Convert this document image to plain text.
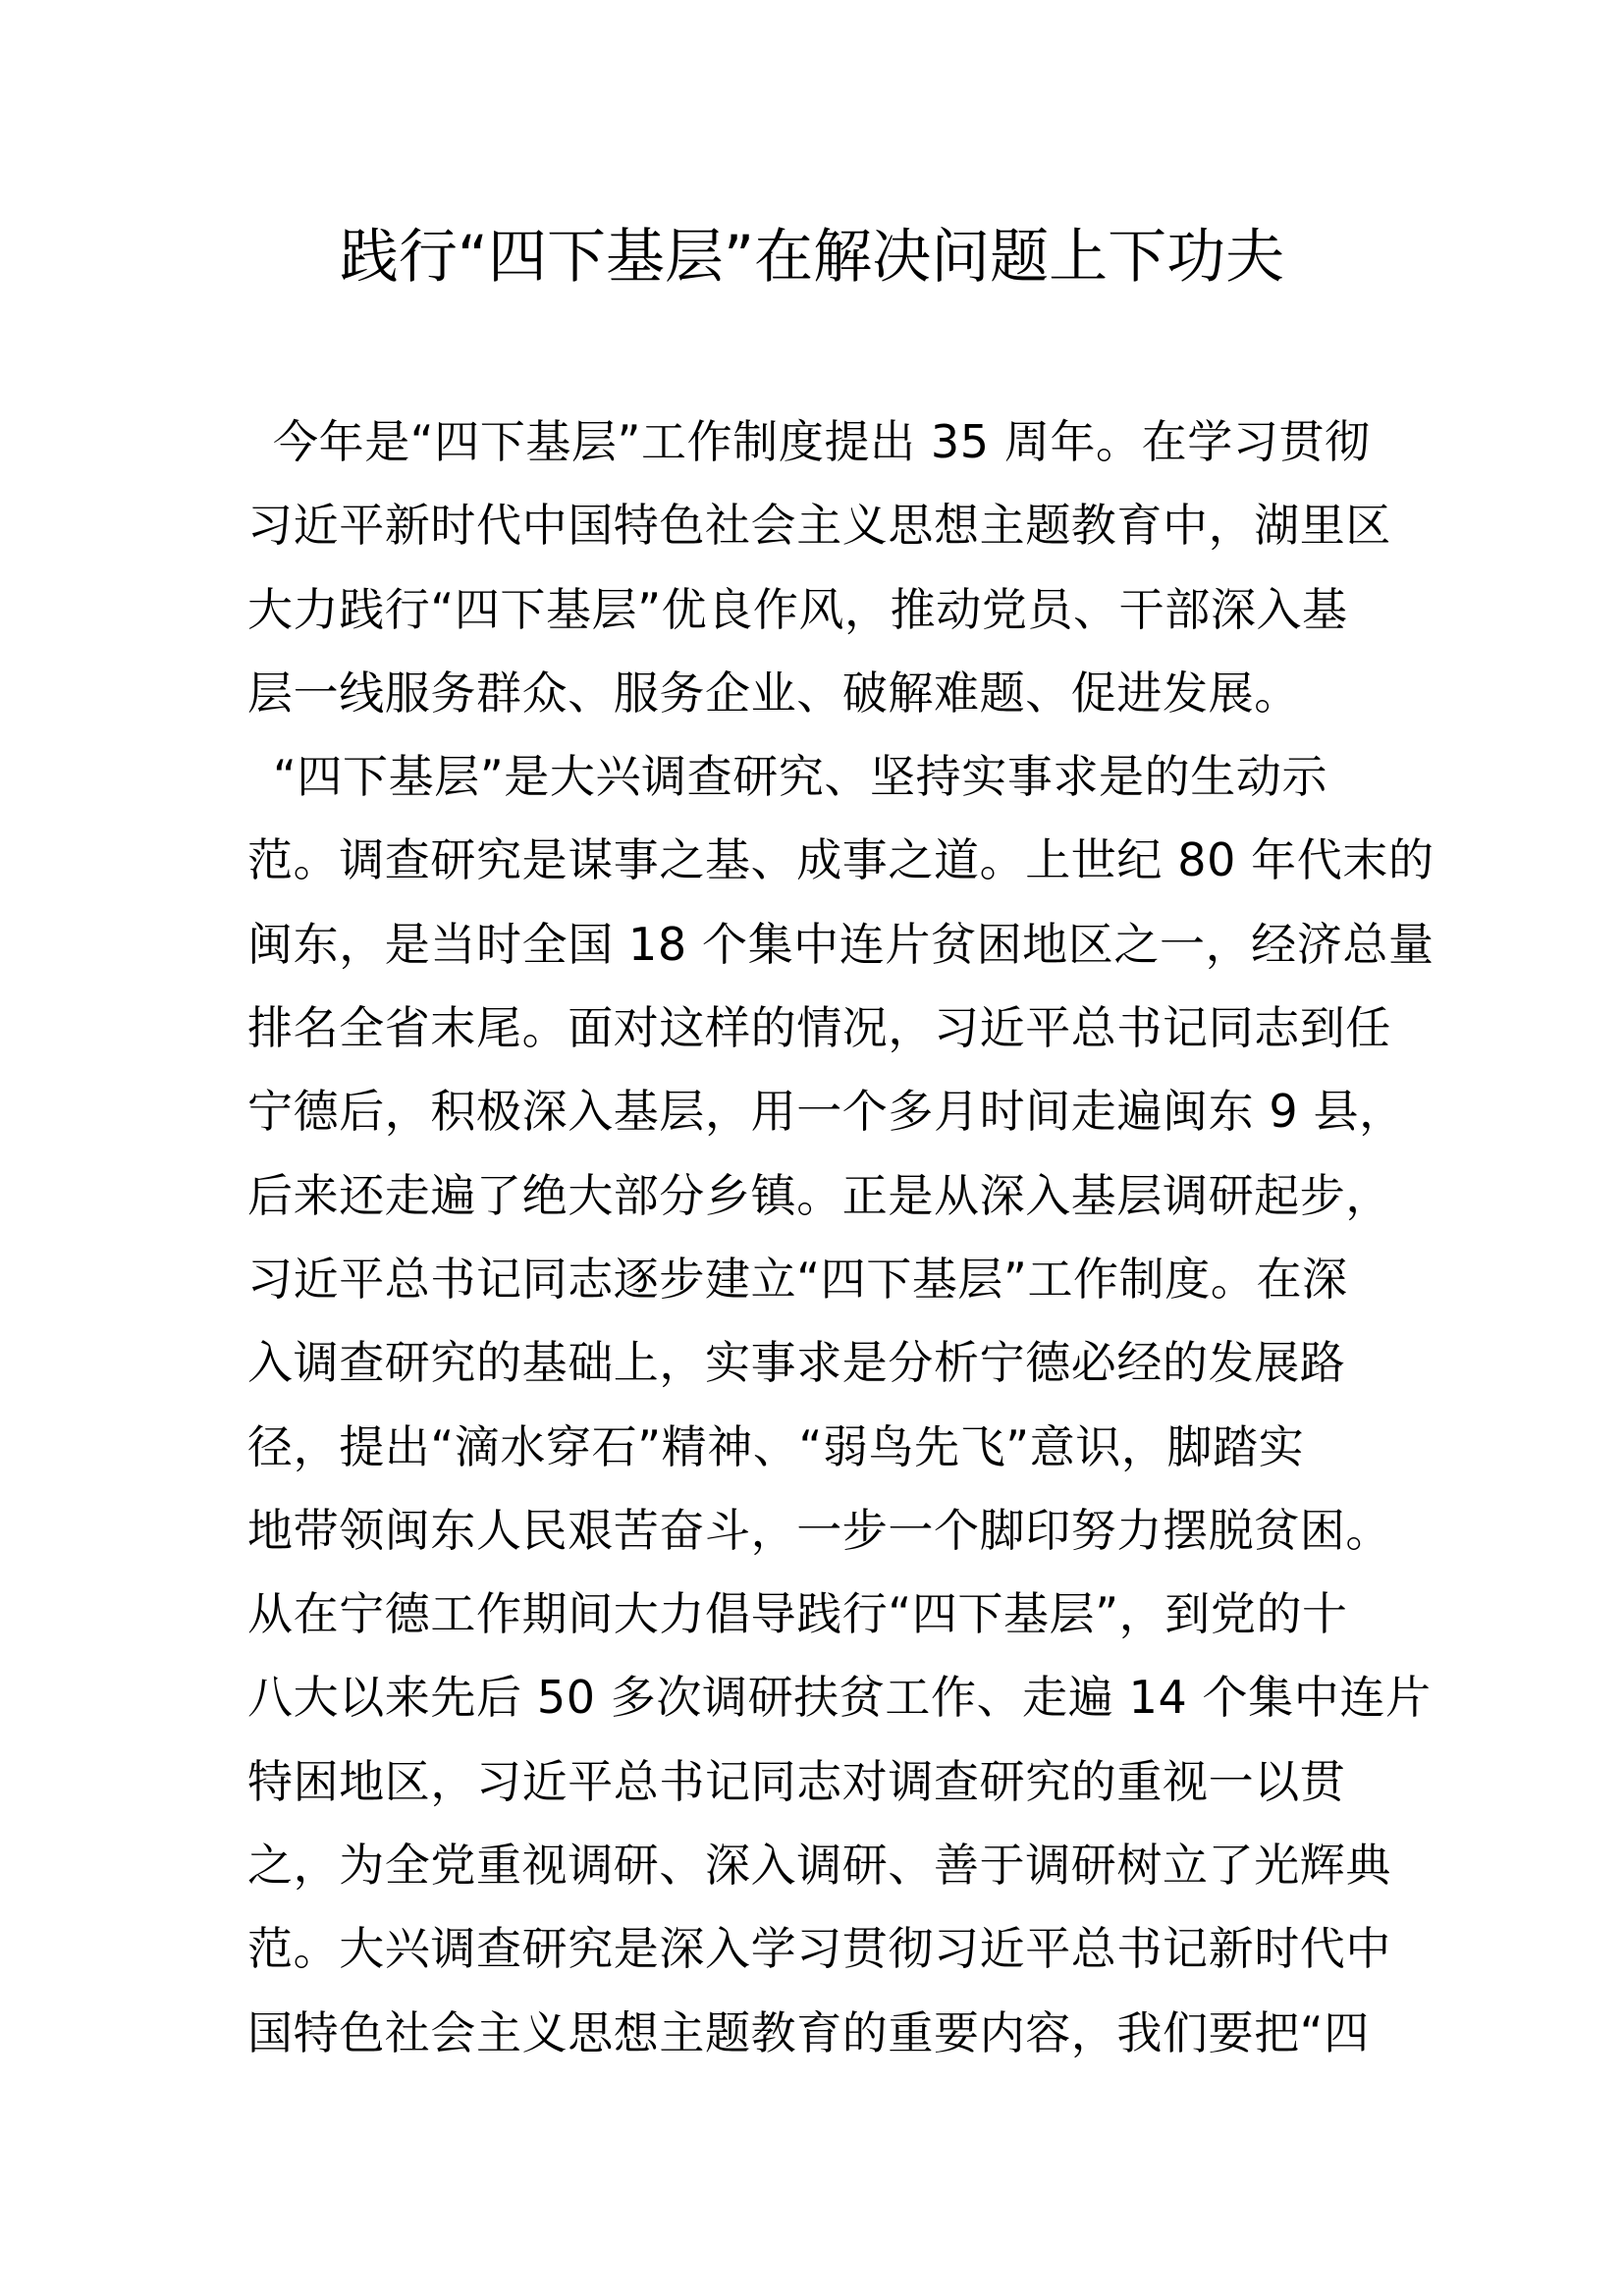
践行“四下基层”在解决问题上下功夫
今年是“四下基层”工作制度提出 35 周年。在学习贯彻
习近平新时代中国特色社会主义思想主题教育中，湖里区
大力践行“四下基层”优良作风，推动党员、干部深入基
层一线服务群众、服务企业、破解难题、促进发展。
“四下基层”是大兴调查研究、坚持实事求是的生动示
范。调查研究是谋事之基、成事之道。上世纪 80 年代末的
闽东，是当时全国 18 个集中连片贫困地区之一，经济总量
排名全省末尾。面对这样的情况，习近平总书记同志到任
宁德后，积极深入基层，用一个多月时间走遍闽东 9 县，
后来还走遍了绝大部分乡镇。正是从深入基层调研起步，
习近平总书记同志逐步建立“四下基层”工作制度。在深
入调查研究的基础上，实事求是分析宁德必经的发展路
径，提出“滴水穿石”精神、“弱鸟先飞”意识，脚踏实
地带领闽东人民艰苦奋斗，一步一个脚印努力摆脱贫困。
从在宁德工作期间大力倡导践行“四下基层”，到党的十
八大以来先后 50 多次调研扶贫工作、走遍 14 个集中连片
特困地区，习近平总书记同志对调查研究的重视一以贯
之，为全党重视调研、深入调研、善于调研树立了光辉典
范。大兴调查研究是深入学习贯彻习近平总书记新时代中
国特色社会主义思想主题教育的重要内容，我们要把“四
